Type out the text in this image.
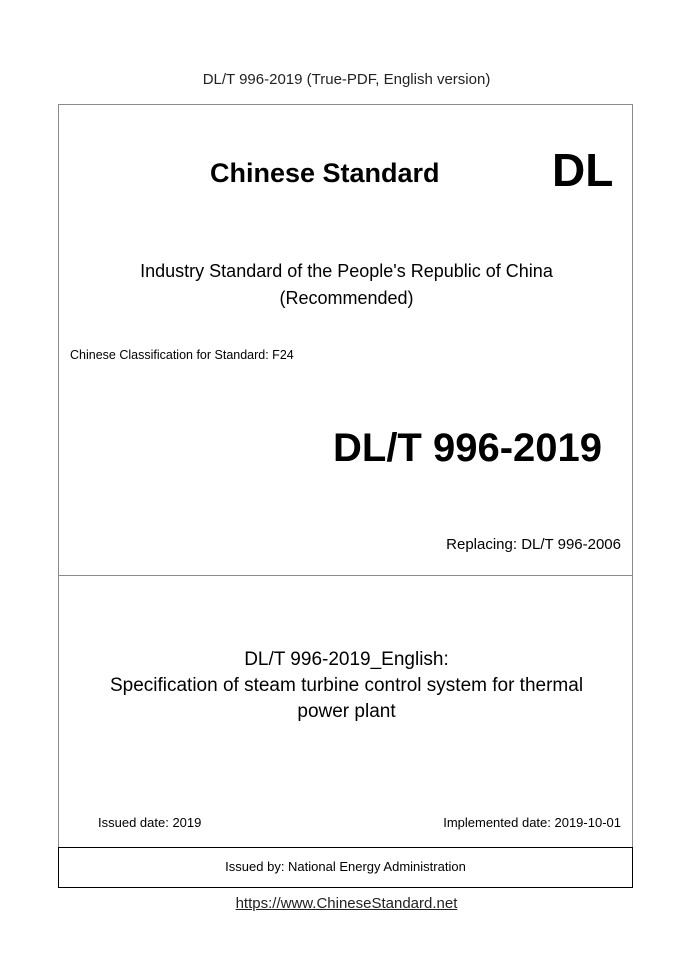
DL/T 996-2019 (True-PDF, English version)
Chinese Standard DL
Industry Standard of the People's Republic of China
(Recommended)
Chinese Classification for Standard: F24
DL/T 996-2019
Replacing: DL/T 996-2006
DL/T 996-2019_English:
Specification of steam turbine control system for thermal
power plant
Issued date: 2019	Implemented date: 2019-10-01
Issued by: National Energy Administration
https://www.ChineseStandard.net
